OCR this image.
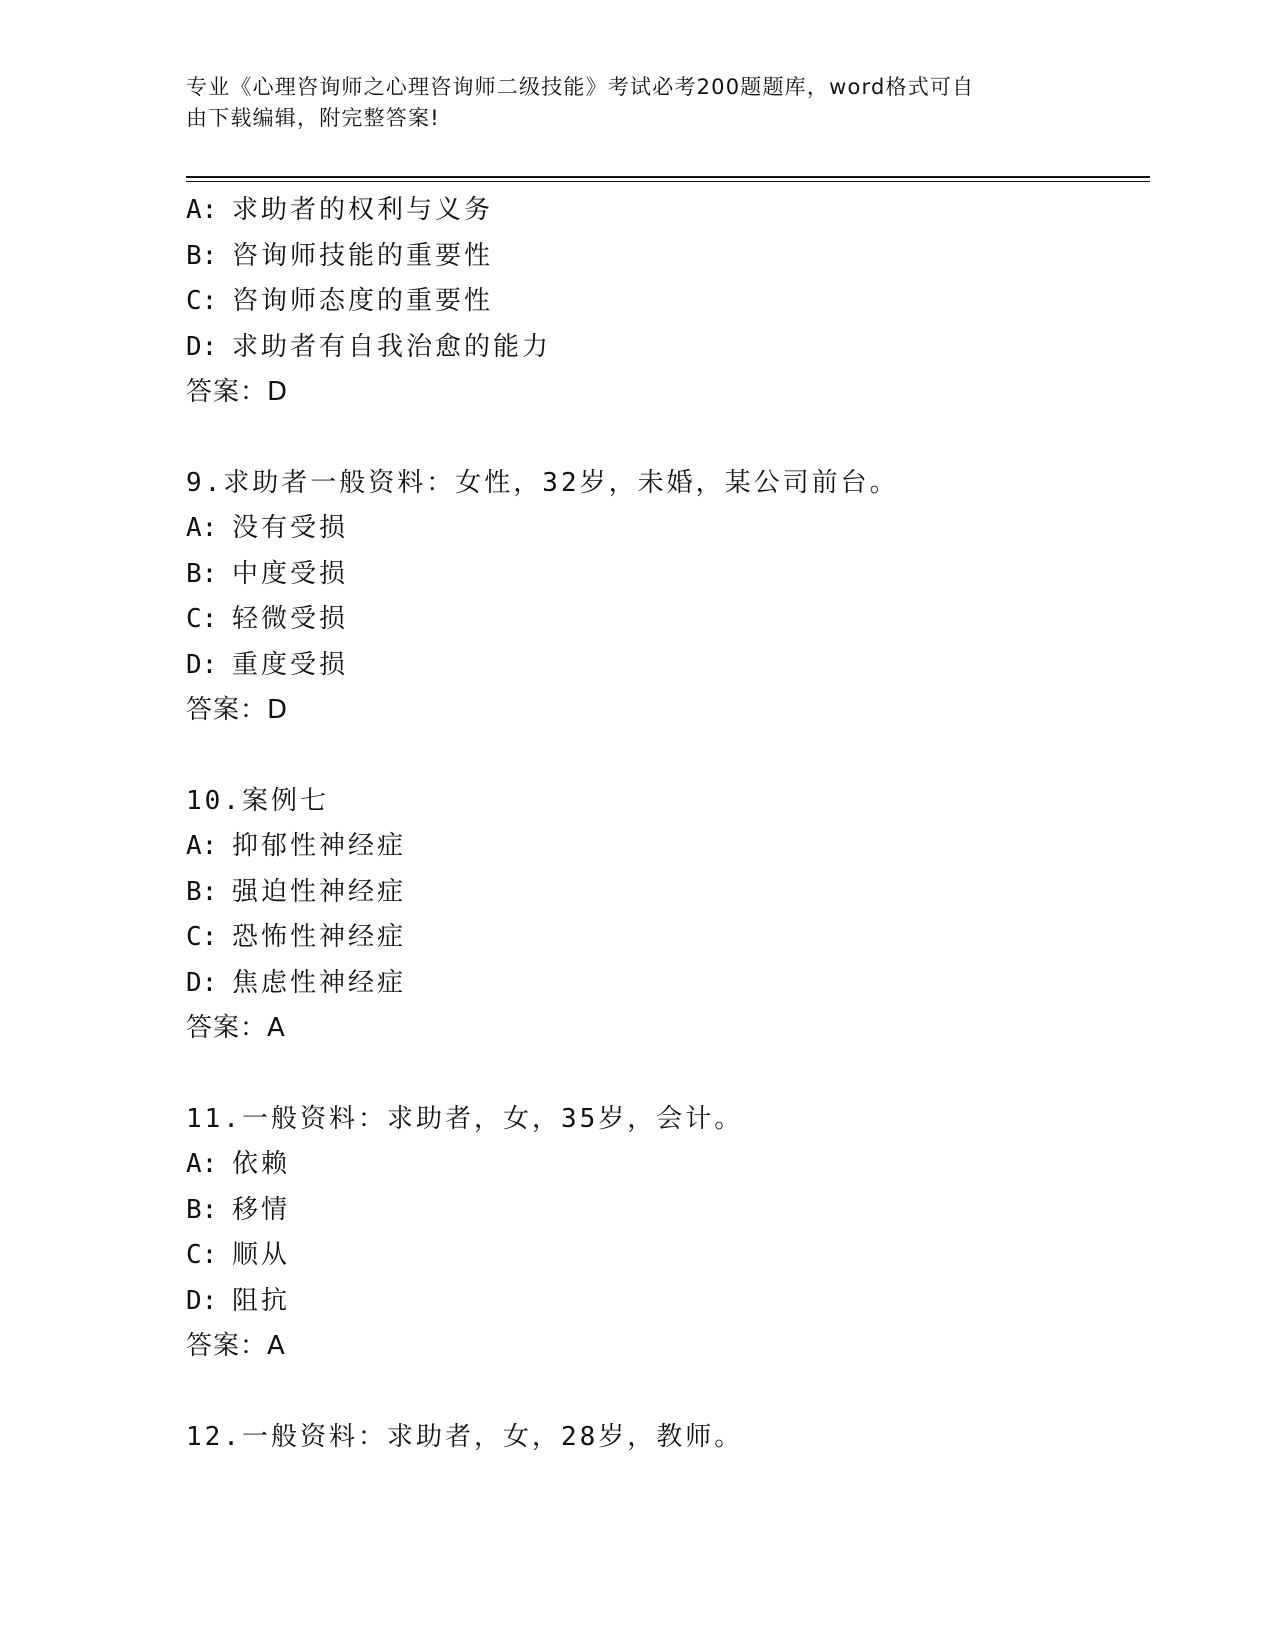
专业《心理咨询师之心理咨询师二级技能》考试必考200题题库，word格式可自
由下载编辑，附完整答案!
A: 求助者的权利与义务
B: 咨询师技能的重要性
C: 咨询师态度的重要性
D: 求助者有自我治愈的能力
答案：D
9.求助者一般资料：女性，32岁，未婚，某公司前台。
A: 没有受损
B: 中度受损
C: 轻微受损
D: 重度受损
答案：D
10.案例七
A: 抑郁性神经症
B: 强迫性神经症
C: 恐怖性神经症
D: 焦虑性神经症
答案：A
11.一般资料：求助者，女，35岁，会计。
A: 依赖
B: 移情
C: 顺从
D: 阻抗
答案：A
12.一般资料：求助者，女，28岁，教师。
